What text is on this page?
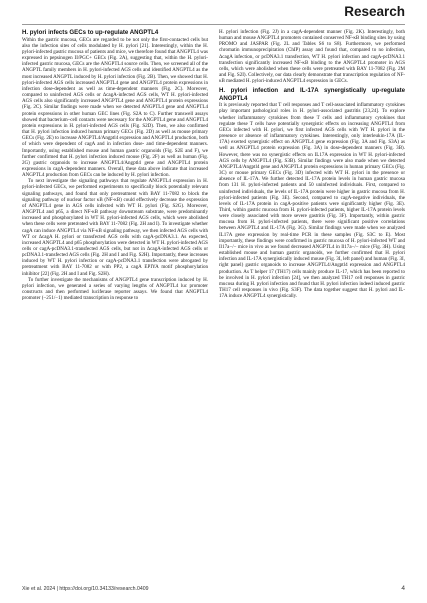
Research
H. pylori infects GECs to up-regulate ANGPTL4

Within the gastric mucosa, GECs are regarded to be not only the first-contacted cells but also the infection sites of cells modulated by H. pylori [21]. Interestingly, within the H. pylori-infected gastric mucosa of patients and mice, we therefore found that ANGPTL4 was expressed in pepsinogen II/PGC+ GECs (Fig. 2A), suggesting that, within the H. pylori-infected gastric mucosa, GECs are the ANGPTL4 source cells. Then, we screened all of the ANGPTL family members in H. pylori-infected AGS cells and identified ANGPTL4 as the most increased ANGPTL induced by H. pylori infection (Fig. 2B). Then, we showed that H. pylori-infected AGS cells increased ANGPTL4 gene and ANGPTL4 protein expressions in infection dose-dependent as well as time-dependent manners (Fig. 2C). Moreover, compared to uninfected AGS cells or ΔcagA-infected AGS cells, WT H. pylori-infected AGS cells also significantly increased ANGPTL4 gene and ANGPTL4 protein expressions (Fig. 2C). Similar findings were made when we detected ANGPTL4 gene and ANGPTL4 protein expressions in other human GEC lines (Fig. S2A to C). Further transwell assays showed that bacterium–cell contacts were necessary for the ANGPTL4 gene and ANGPTL4 protein expressions in H. pylori-infected AGS cells (Fig. S2D). Then, we also confirmed that H. pylori infection induced human primary GECs (Fig. 2D) as well as mouse primary GECs (Fig. 2E) to increase ANGPTL4/Angptl4 expression and ANGPTL4 production, both of which were dependent of cagA and in infection dose- and time-dependent manners. Importantly, using established mouse and human gastric organoids (Fig. S2E and F), we further confirmed that H. pylori infection induced mouse (Fig. 2F) as well as human (Fig. 2G) gastric organoids to increase ANGPTL4/Angptl4 gene and ANGPTL4 protein expressions in cagA-dependent manners. Overall, these data above indicate that increased ANGPTL4 production from GECs can be induced by H. pylori infection.

To next investigate the signaling pathways that regulate ANGPTL4 expression in H. pylori-infected GECs, we performed experiments to specifically block potentially relevant signaling pathways, and found that only pretreatment with BAY 11-7082 to block the signaling pathway of nuclear factor κB (NF-κB) could effectively decrease the expression of ANGPTL4 gene in AGS cells infected with WT H. pylori (Fig. S2G). Moreover, ANGPTL4 and p65, a direct NF-κB pathway downstream substrate, were predominantly increased and phosphorylated in WT H. pylori-infected AGS cells, which were abolished when these cells were pretreated with BAY 11-7082 (Fig. 2H and I). To investigate whether cagA can induce ANGPTL4 via NF-κB signaling pathway, we then infected AGS cells with WT or ΔcagA H. pylori or transfected AGS cells with cagA-pcDNA3.1. As expected, increased ANGPTL4 and p65 phosphorylation were detected in WT H. pylori-infected AGS cells or cagA-pcDNA3.1-transfected AGS cells, but not in ΔcagA-infected AGS cells or pcDNA3.1-transfected AGS cells (Fig. 2H and I and Fig. S2H). Importantly, these increases induced by WT H. pylori infection or cagA-pcDNA3.1 transfection were abrogated by pretreatment with BAY 11-7082 or with PP2, a cagA EPIYA motif phosphorylation inhibitor [22] (Fig. 2H and I and Fig. S2H).

To further investigate the mechanisms of ANGPTL4 gene transcription induced by H. pylori infection, we generated a series of varying lengths of ANGPTL4 luc promoter constructs and then performed luciferase reporter assays. We found that ANGPTL4 promoter (−251/−1) mediated transcription in response to

H. pylori infection (Fig. 2J) in a cagA-dependent manner (Fig. 2K). Interestingly, both human and mouse ANGPTL4 promoters contained conserved NF-κB binding sites by using PROMO and JASPAR (Fig. 2L and Tables S6 to S8). Furthermore, we performed chromatin immunoprecipitation (ChIP) assay and found that, compared to no infection, ΔcagA infection, or pcDNA3.1 transfection, WT H. pylori infection and cagA-pcDNA3.1 transfection significantly increased NF-κB binding to the ANGPTL4 promoter in AGS cells, which were abolished when these cells were pretreated with BAY 11-7082 (Fig. 2M and Fig. S2I). Collectively, our data clearly demonstrate that transcription regulation of NF-κB mediated H. pylori-induced ANGPTL4 expression in GECs.

H. pylori infection and IL-17A synergistically up-regulate ANGPTL4

It is previously reported that T cell responses and T cell-associated inflammatory cytokines play important pathological roles in H. pylori-associated gastritis [23,24]. To explore whether inflammatory cytokines from these T cells and inflammatory cytokines that regulate these T cells have potentially synergistic effects on increasing ANGPTL4 from GECs infected with H. pylori, we first infected AGS cells with WT H. pylori in the presence or absence of inflammatory cytokines. Interestingly, only interleukin-17A (IL-17A) exerted synergistic effect on ANGPTL4 gene expression (Fig. 3A and Fig. S3A) as well as ANGPTL4 protein expression (Fig. 3A) in dose-dependent manners (Fig. 3B). However, there was no synergistic effects on IL17A expression in WT H. pylori-infected AGS cells by ANGPTL4 (Fig. S3B). Similar findings were also made when we detected ANGPTL4/Angptl4 gene and ANGPTL4 protein expressions in human primary GECs (Fig. 3C) or mouse primary GECs (Fig. 3D) infected with WT H. pylori in the presence or absence of IL-17A. We further detected IL-17A protein levels in human gastric mucosa from 131 H. pylori-infected patients and 50 uninfected individuals. First, compared to uninfected individuals, the levels of IL-17A protein were higher in gastric mucosa from H. pylori-infected patients (Fig. 3E). Second, compared to cagA-negative individuals, the levels of IL-17A protein in cagA-positive patients were significantly higher (Fig. 3E). Third, within gastric mucosa from H. pylori-infected patients, higher IL-17A protein levels were closely associated with more severe gastritis (Fig. 3F). Importantly, within gastric mucosa from H. pylori-infected patients, there were significant positive correlations between ANGPTL4 and IL-17A (Fig. 3G). Similar findings were made when we analyzed IL17A gene expression by real-time PCR in these samples (Fig. S3C to E). Most importantly, these findings were confirmed in gastric mucosa of H. pylori-infected WT and Il17a−/− mice in vivo as we found decreased ANGPTL4 in Il17a−/− mice (Fig. 3H). Using established mouse and human gastric organoids, we further confirmed that H. pylori infection and IL-17A synergistically induced mouse (Fig. 3I, left panel) and human (Fig. 3I, right panel) gastric organoids to increase ANGPTL4/Angptl4 expression and ANGPTL4 production. As T helper 17 (TH17) cells mainly produce IL-17, which has been reported to be involved in H. pylori infection [24], we then analyzed TH17 cell responses in gastric mucosa during H. pylori infection and found that H. pylori infection indeed induced gastric TH17 cell responses in vivo (Fig. S3F). The data together suggest that H. pylori and IL-17A induce ANGPTL4 synergistically.

Xie et al. 2024 | https://doi.org/10.34133/research.0409	4
